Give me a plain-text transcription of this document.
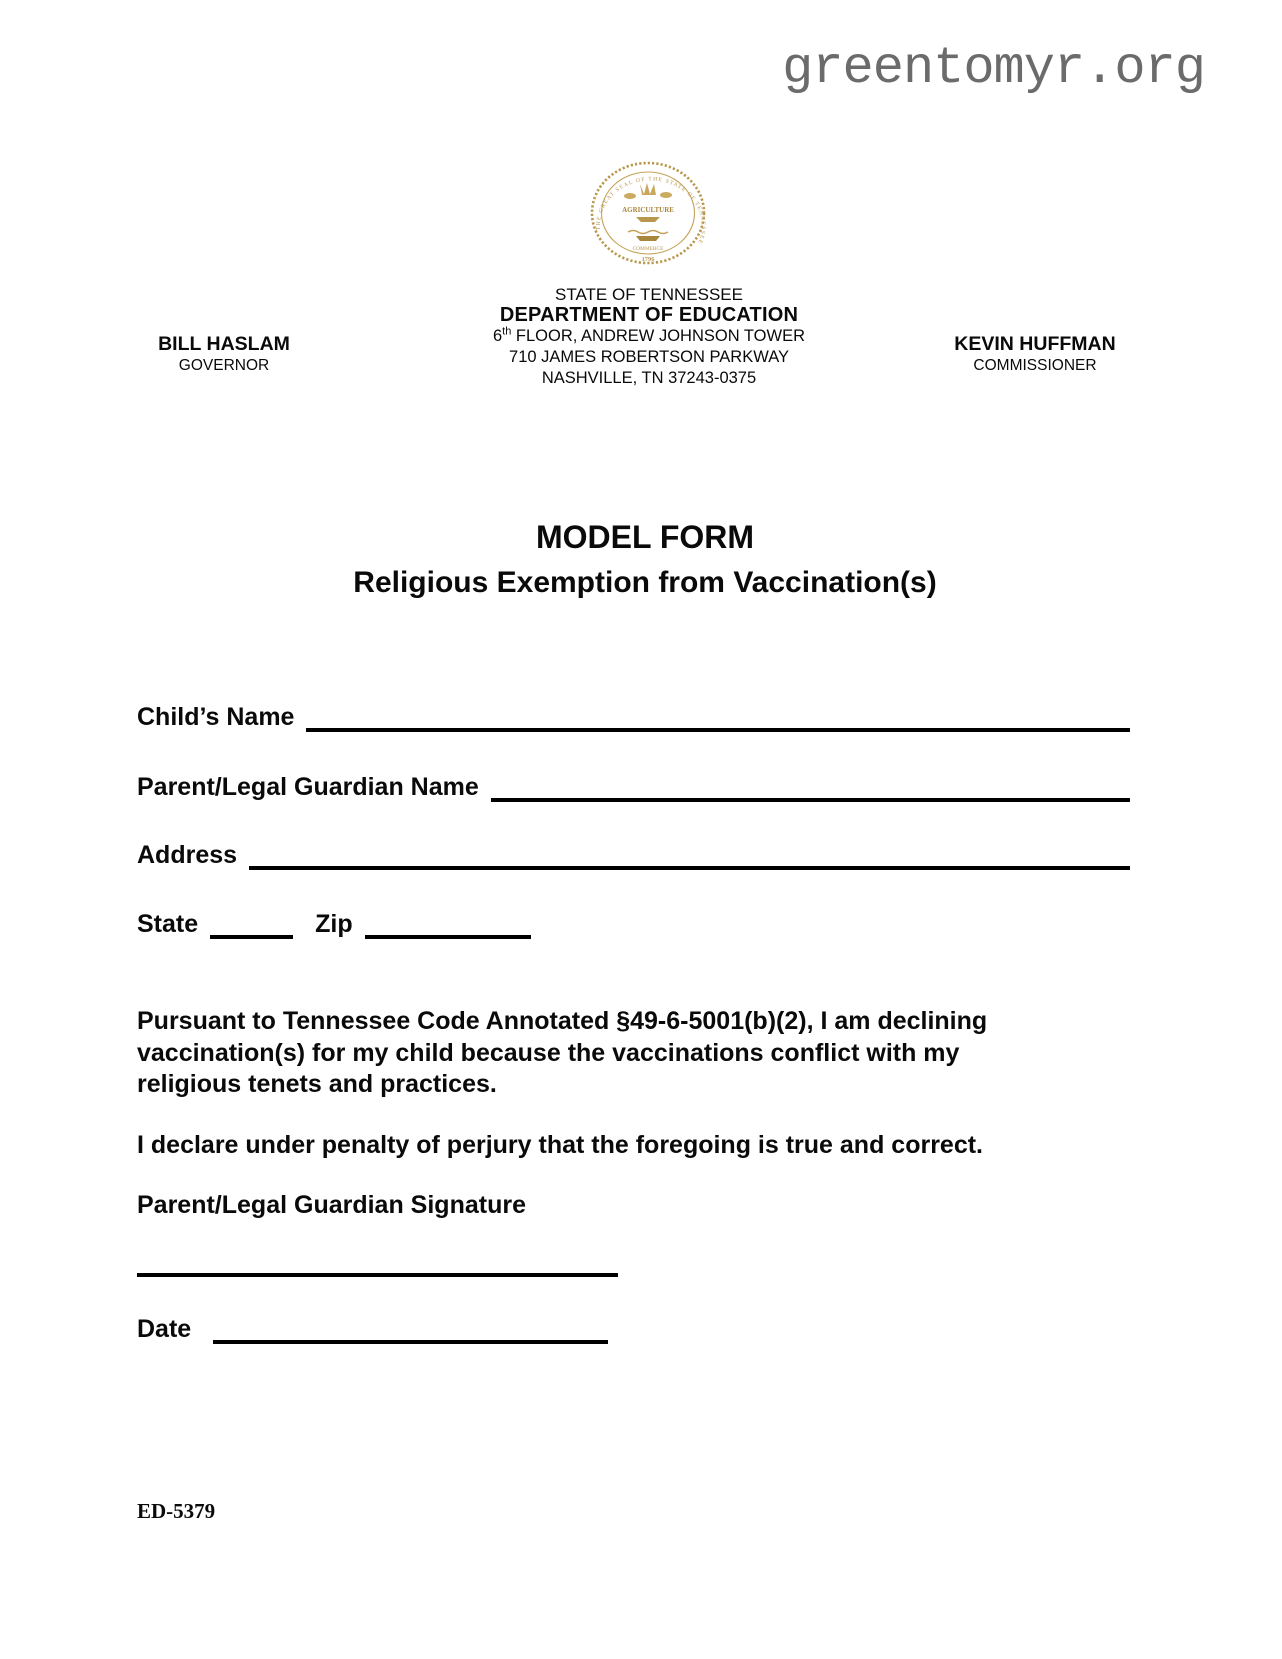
greentomyr.org
THE GREAT SEAL OF THE STATE OF TENNESSEE
AGRICULTURE
COMMERCE
1796
STATE OF TENNESSEE
DEPARTMENT OF EDUCATION
6th FLOOR, ANDREW JOHNSON TOWER
710 JAMES ROBERTSON PARKWAY
NASHVILLE, TN 37243-0375
BILL HASLAM
GOVERNOR
KEVIN HUFFMAN
COMMISSIONER
MODEL FORM
Religious Exemption from Vaccination(s)
Child’s Name
Parent/Legal Guardian Name
Address
State	Zip
Pursuant to Tennessee Code Annotated §49-6-5001(b)(2), I am declining
vaccination(s) for my child because the vaccinations conflict with my
religious tenets and practices.
I declare under penalty of perjury that the foregoing is true and correct.
Parent/Legal Guardian Signature
Date
ED-5379
